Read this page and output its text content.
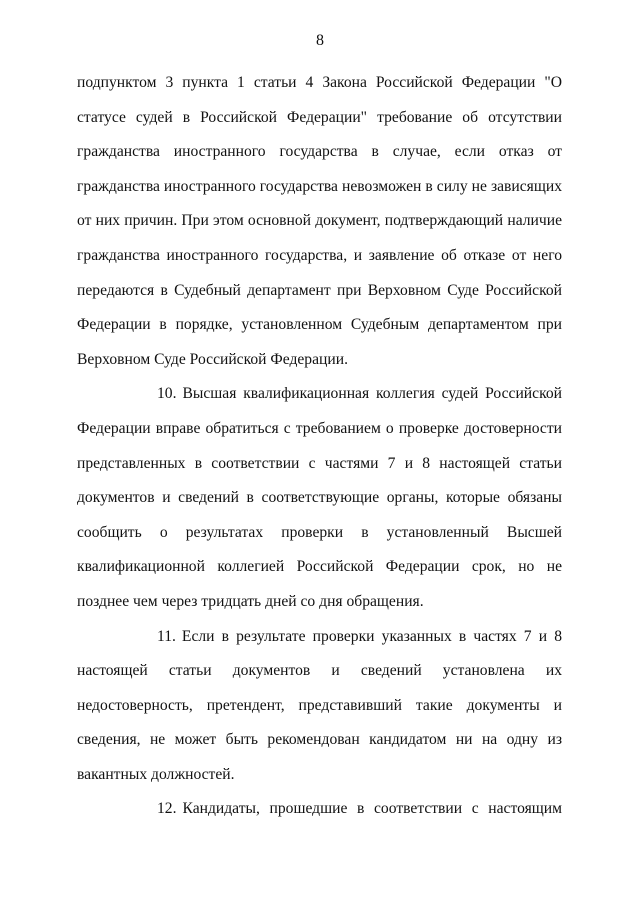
8

подпунктом 3 пункта 1 статьи 4 Закона Российской Федерации "О статусе судей в Российской Федерации" требование об отсутствии гражданства иностранного государства в случае, если отказ от гражданства иностранного государства невозможен в силу не зависящих от них причин. При этом основной документ, подтверждающий наличие гражданства иностранного государства, и заявление об отказе от него передаются в Судебный департамент при Верховном Суде Российской Федерации в порядке, установленном Судебным департаментом при Верховном Суде Российской Федерации.

10. Высшая квалификационная коллегия судей Российской Федерации вправе обратиться с требованием о проверке достоверности представленных в соответствии с частями 7 и 8 настоящей статьи документов и сведений в соответствующие органы, которые обязаны сообщить о результатах проверки в установленный Высшей квалификационной коллегией Российской Федерации срок, но не позднее чем через тридцать дней со дня обращения.

11. Если в результате проверки указанных в частях 7 и 8 настоящей статьи документов и сведений установлена их недостоверность, претендент, представивший такие документы и сведения, не может быть рекомендован кандидатом ни на одну из вакантных должностей.

12. Кандидаты, прошедшие в соответствии с настоящим
